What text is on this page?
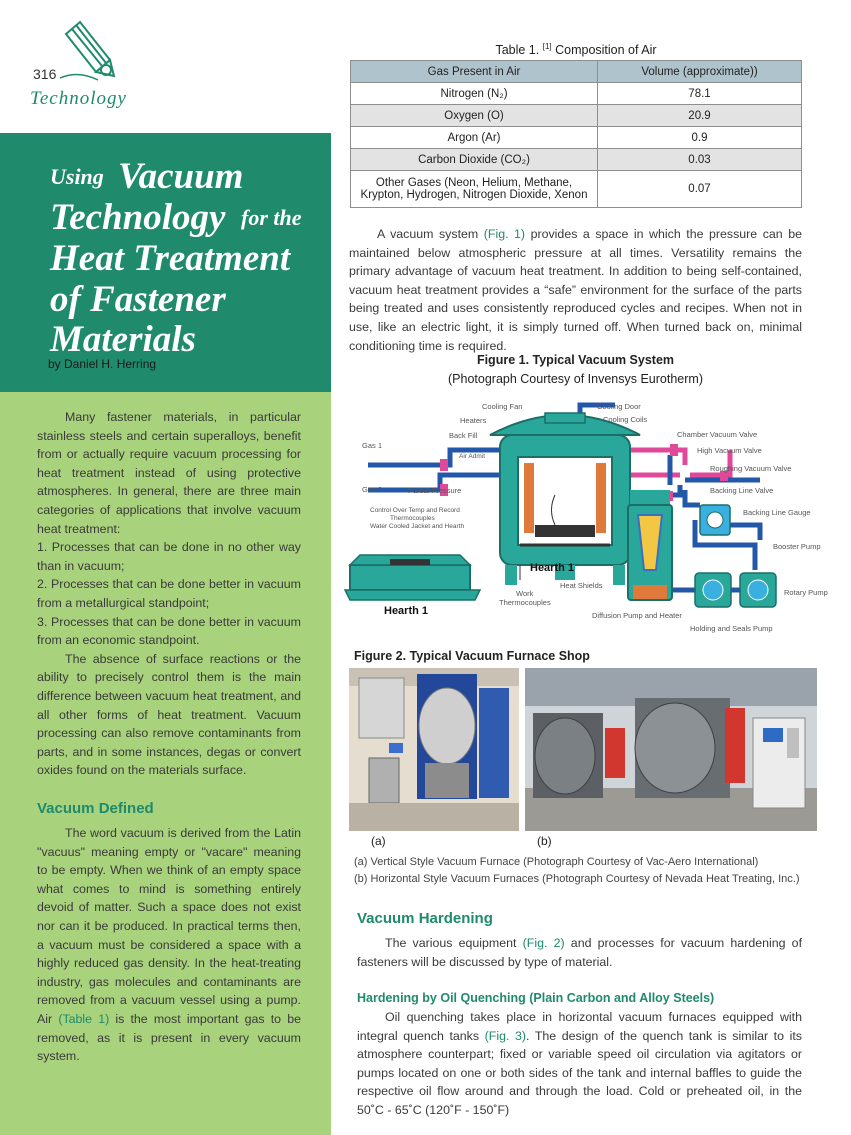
316
Technology
Using Vacuum
Technology for the
Heat Treatment
of Fastener
Materials
by Daniel H. Herring

Many fastener materials, in particular stainless steels and certain superalloys, benefit from or actually require vacuum processing for heat treatment instead of using protective atmospheres. In general, there are three main categories of applications that involve vacuum heat treatment:

1. Processes that can be done in no other way than in vacuum;

2. Processes that can be done better in vacuum from a metallurgical standpoint;

3. Processes that can be done better in vacuum from an economic standpoint.

The absence of surface reactions or the ability to precisely control them is the main difference between vacuum heat treatment, and all other forms of heat treatment. Vacuum processing can also remove contaminants from parts, and in some instances, degas or convert oxides found on the materials surface.

Vacuum Defined

The word vacuum is derived from the Latin "vacuus" meaning empty or "vacare" meaning to be empty. When we think of an empty space what comes to mind is something entirely devoid of matter. Such a space does not exist nor can it be produced. In practical terms then, a vacuum must be considered a space with a highly reduced gas density. In the heat-treating industry, gas molecules and contaminants are removed from a vacuum vessel using a pump. Air (Table 1) is the most important gas to be removed, as it is present in every vacuum system.

Table 1. [1] Composition of Air
Gas Present in Air	Volume (approximate))
Nitrogen (N₂)	78.1
Oxygen (O)	20.9
Argon (Ar)	0.9
Carbon Dioxide (CO₂)	0.03
Other Gases (Neon, Helium, Methane, Krypton, Hydrogen, Nitrogen Dioxide, Xenon	0.07

A vacuum system (Fig. 1) provides a space in which the pressure can be maintained below atmospheric pressure at all times. Versatility remains the primary advantage of vacuum heat treatment. In addition to being self-contained, vacuum heat treatment provides a “safe” environment for the surface of the parts being treated and uses consistently reproduced cycles and recipes. When not in use, like an electric light, it is simply turned off. When turned back on, minimal conditioning time is required.

Figure 1. Typical Vacuum System
(Photograph Courtesy of Invensys Eurotherm)
Cooling Fan	Cooling Door
Heaters	Cooling Coils
Back Fill
Air Admit
Gas 1
Gas 2	Partial Pressure
Chamber Vacuum Valve
High Vacuum Valve
Roughing Vacuum Valve
Backing Line Valve
Backing Line Gauge
Control Over Temp and Record
Thermocouples
Water Cooled Jacket and Hearth
Booster Pump
Hearth 1
Heat Shields
Work
Thermocouples
Rotary Pump
Hearth 1	Diffusion Pump and Heater
Holding and Seals Pump
Figure 2. Typical Vacuum Furnace Shop
(a)	(b)
(a) Vertical Style Vacuum Furnace (Photograph Courtesy of Vac-Aero International)
(b) Horizontal Style Vacuum Furnaces (Photograph Courtesy of Nevada Heat Treating, Inc.)
Vacuum Hardening

The various equipment (Fig. 2) and processes for vacuum hardening of fasteners will be discussed by type of material.

Hardening by Oil Quenching (Plain Carbon and Alloy Steels)

Oil quenching takes place in horizontal vacuum furnaces equipped with integral quench tanks (Fig. 3). The design of the quench tank is similar to its atmosphere counterpart; fixed or variable speed oil circulation via agitators or pumps located on one or both sides of the tank and internal baffles to guide the respective oil flow around and through the load. Cold or preheated oil, in the 50˚C - 65˚C (120˚F - 150˚F)
